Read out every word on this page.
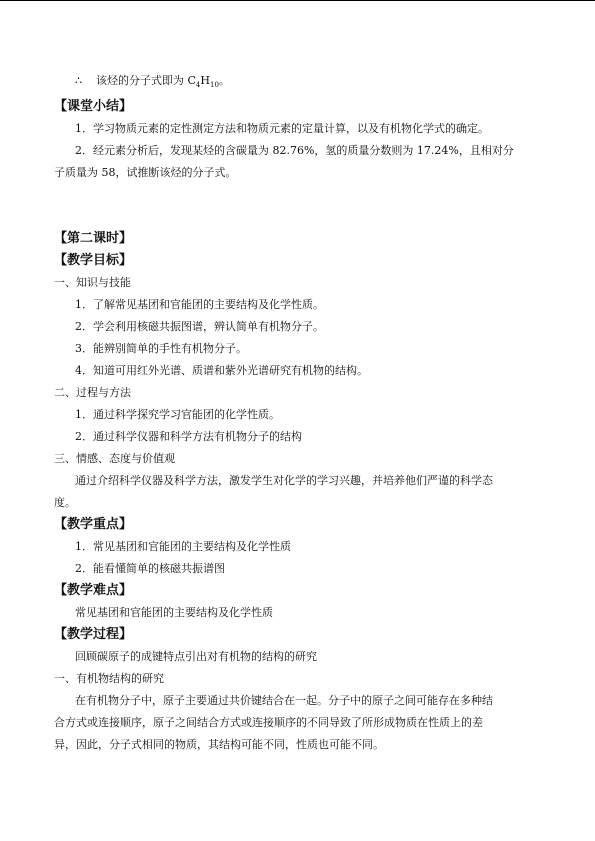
∴ 该烃的分子式即为 $C_4H_{10}$。
【课堂小结】
1．学习物质元素的定性测定方法和物质元素的定量计算，以及有机物化学式的确定。
2．经元素分析后，发现某烃的含碳量为 82.76%，氢的质量分数则为 17.24%，且相对分
子质量为 58，试推断该烃的分子式。
【第二课时】
【教学目标】
一、知识与技能
1．了解常见基团和官能团的主要结构及化学性质。
2．学会利用核磁共振图谱，辨认简单有机物分子。
3．能辨别简单的手性有机物分子。
4．知道可用红外光谱、质谱和紫外光谱研究有机物的结构。
二、过程与方法
1．通过科学探究学习官能团的化学性质。
2．通过科学仪器和科学方法有机物分子的结构
三、情感、态度与价值观
通过介绍科学仪器及科学方法，激发学生对化学的学习兴趣，并培养他们严谨的科学态
度。
【教学重点】
1．常见基团和官能团的主要结构及化学性质
2．能看懂简单的核磁共振谱图
【教学难点】
常见基团和官能团的主要结构及化学性质
【教学过程】
回顾碳原子的成键特点引出对有机物的结构的研究
一、有机物结构的研究
在有机物分子中，原子主要通过共价键结合在一起。分子中的原子之间可能存在多种结
合方式或连接顺序，原子之间结合方式或连接顺序的不同导致了所形成物质在性质上的差
异，因此，分子式相同的物质，其结构可能不同，性质也可能不同。
